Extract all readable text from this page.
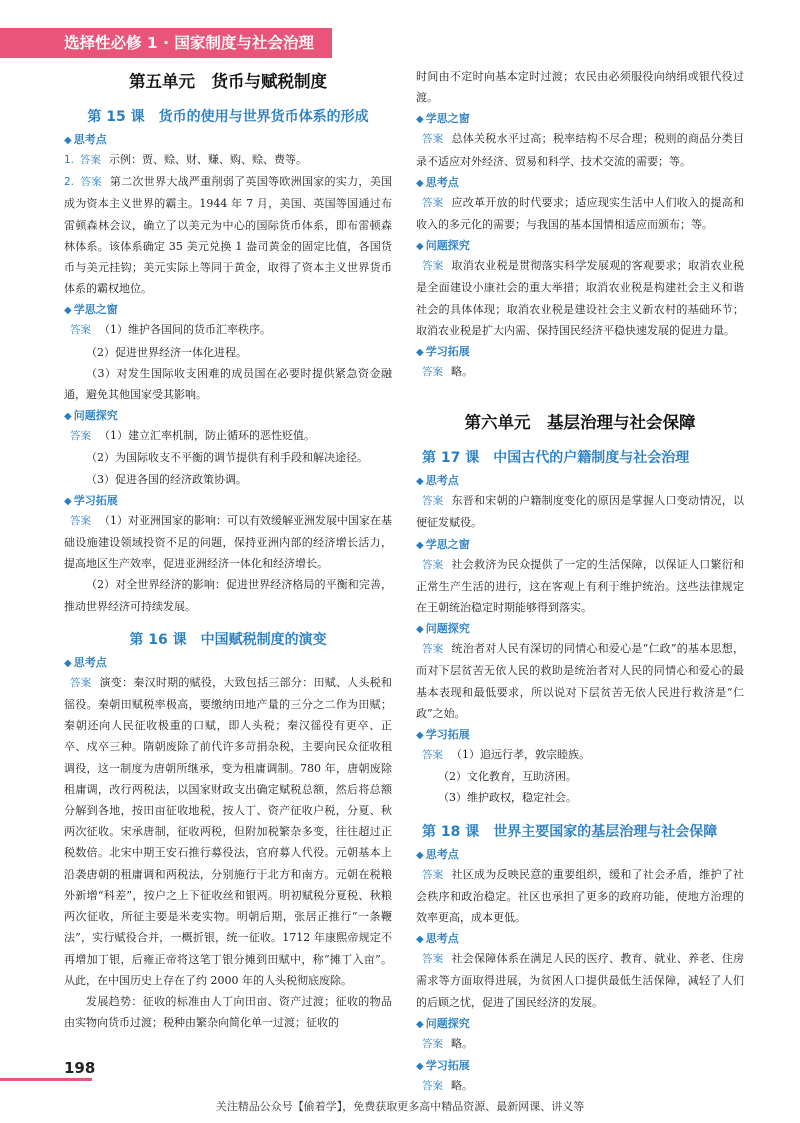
选择性必修 1 · 国家制度与社会治理
第五单元　货币与赋税制度
第 15 课　货币的使用与世界货币体系的形成
◆ 思考点

1. 答案 示例：贾、赊、财、赚、购、赊、费等。

2. 答案 第二次世界大战严重削弱了英国等欧洲国家的实力，美国成为资本主义世界的霸主。1944 年 7 月，美国、英国等国通过布雷顿森林会议，确立了以美元为中心的国际货币体系，即布雷顿森林体系。该体系确定 35 美元兑换 1 盎司黄金的固定比值，各国货币与美元挂钩；美元实际上等同于黄金，取得了资本主义世界货币体系的霸权地位。

◆ 学思之窗

答案 （1）维护各国间的货币汇率秩序。

（2）促进世界经济一体化进程。

（3）对发生国际收支困难的成员国在必要时提供紧急资金融通，避免其他国家受其影响。

◆ 问题探究

答案 （1）建立汇率机制，防止循环的恶性贬值。

（2）为国际收支不平衡的调节提供有利手段和解决途径。

（3）促进各国的经济政策协调。

◆ 学习拓展

答案 （1）对亚洲国家的影响：可以有效缓解亚洲发展中国家在基础设施建设领域投资不足的问题，保持亚洲内部的经济增长活力，提高地区生产效率，促进亚洲经济一体化和经济增长。

（2）对全世界经济的影响：促进世界经济格局的平衡和完善，推动世界经济可持续发展。

第 16 课　中国赋税制度的演变
◆ 思考点

答案 演变：秦汉时期的赋役，大致包括三部分：田赋、人头税和徭役。秦朝田赋税率极高，要缴纳田地产量的三分之二作为田赋；秦朝还向人民征收极重的口赋，即人头税；秦汉徭役有更卒、正卒、戍卒三种。隋朝废除了前代许多苛捐杂税，主要向民众征收租调役，这一制度为唐朝所继承，变为租庸调制。780 年，唐朝废除租庸调，改行两税法，以国家财政支出确定赋税总额，然后将总额分解到各地，按田亩征收地税，按人丁、资产征收户税，分夏、秋两次征收。宋承唐制，征收两税，但附加税繁杂多变，往往超过正税数倍。北宋中期王安石推行募役法，官府募人代役。元朝基本上沿袭唐朝的租庸调和两税法，分别施行于北方和南方。元朝在税粮外新增“科差”，按户之上下征收丝和银两。明初赋税分夏税、秋粮两次征收，所征主要是米麦实物。明朝后期，张居正推行“一条鞭法”，实行赋役合并，一概折银，统一征收。1712 年康熙帝规定不再增加丁银，后雍正帝将这笔丁银分摊到田赋中，称“摊丁入亩”。从此，在中国历史上存在了约 2000 年的人头税彻底废除。

发展趋势：征收的标准由人丁向田亩、资产过渡；征收的物品由实物向货币过渡；税种由繁杂向简化单一过渡；征收的

时间由不定时向基本定时过渡；农民由必须服役向纳绢或银代役过渡。

◆ 学思之窗

答案 总体关税水平过高；税率结构不尽合理；税则的商品分类目录不适应对外经济、贸易和科学、技术交流的需要；等。

◆ 思考点

答案 应改革开放的时代要求；适应现实生活中人们收入的提高和收入的多元化的需要；与我国的基本国情相适应而颁布；等。

◆ 问题探究

答案 取消农业税是贯彻落实科学发展观的客观要求；取消农业税是全面建设小康社会的重大举措；取消农业税是构建社会主义和谐社会的具体体现；取消农业税是建设社会主义新农村的基础环节；取消农业税是扩大内需、保持国民经济平稳快速发展的促进力量。

◆ 学习拓展

答案 略。

第六单元　基层治理与社会保障
第 17 课　中国古代的户籍制度与社会治理
◆ 思考点

答案 东晋和宋朝的户籍制度变化的原因是掌握人口变动情况，以便征发赋役。

◆ 学思之窗

答案 社会救济为民众提供了一定的生活保障，以保证人口繁衍和正常生产生活的进行，这在客观上有利于维护统治。这些法律规定在王朝统治稳定时期能够得到落实。

◆ 问题探究

答案 统治者对人民有深切的同情心和爱心是“仁政”的基本思想，而对下层贫苦无依人民的救助是统治者对人民的同情心和爱心的最基本表现和最低要求，所以说对下层贫苦无依人民进行救济是“仁政”之始。

◆ 学习拓展

答案 （1）追远行孝，敦宗睦族。

（2）文化教育，互助济困。

（3）维护政权，稳定社会。

第 18 课　世界主要国家的基层治理与社会保障
◆ 思考点

答案 社区成为反映民意的重要组织，缓和了社会矛盾，维护了社会秩序和政治稳定。社区也承担了更多的政府功能，使地方治理的效率更高，成本更低。

◆ 思考点

答案 社会保障体系在满足人民的医疗、教育、就业、养老、住房需求等方面取得进展，为贫困人口提供最低生活保障，减轻了人们的后顾之忧，促进了国民经济的发展。

◆ 问题探究

答案 略。

◆ 学习拓展

答案 略。

198
关注精品公众号【偷着学】，免费获取更多高中精品资源、最新网课、讲义等
